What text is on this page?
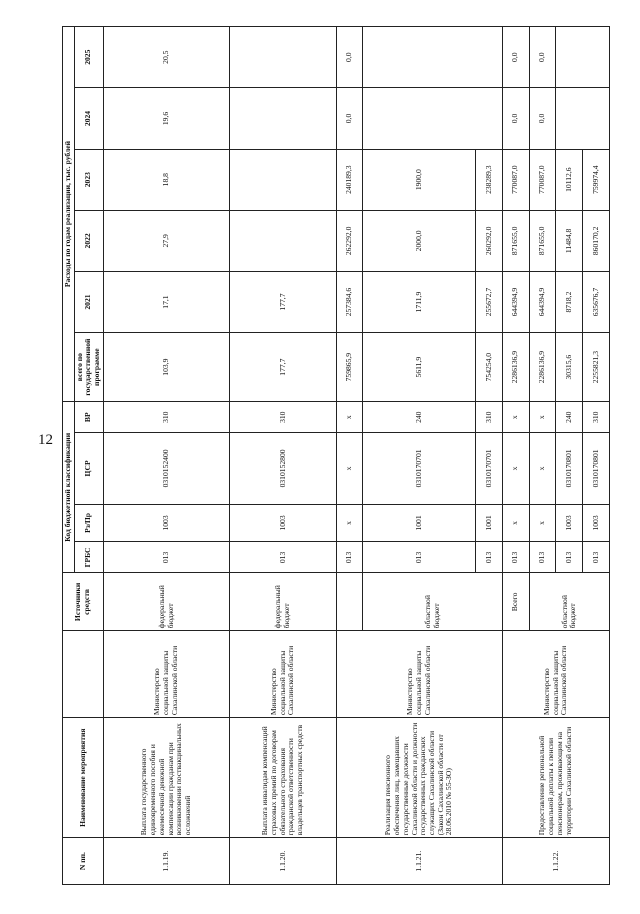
12
N пп.	Наименование мероприятия		Источники средств	Код бюджетной классификации				Расходы по годам реализации, тыс. рублей					
				ГРБС	Рз/Пр	ЦСР	ВР	всего по государственной программе	2021	2022	2023	2024	2025
1.1.19.	Выплата государственного единовременного пособия и ежемесячной денежной компенсации гражданам при возникновении поствакцинальных осложнений	Министерство социальной защиты Сахалинской области	федеральный бюджет	013	1003	0310152400	310	103,9	17,1	27,9	18,8	19,6	20,5
1.1.20.	Выплата инвалидам компенсаций страховых премий по договорам обязательного страхования гражданской ответственности владельцев транспортных средств	Министерство социальной защиты Сахалинской области	федеральный бюджет	013	1003	0310152800	310	177,7	177,7				
1.1.21.	Реализация пенсионного обеспечения лиц, замещавших государственные должности Сахалинской области и должности государственных гражданских служащих Сахалинской области (Закон Сахалинской области от 28.06.2010 № 55-ЗО)	Министерство социальной защиты Сахалинской области		013	х	х	х	759865,9	257384,6	262292,0	240189,3	0,0	0,0
			областной бюджет	013	1001	0310170701	240	5611,9	1711,9	2000,0	1900,0		
				013	1001	0310170701	310	754254,0	255672,7	260292,0	238289,3		
1.1.22.	Предоставление региональной социальной доплаты к пенсии пенсионерам, проживающим на территории Сахалинской области	Министерство социальной защиты Сахалинской области	Всего	013	х	х	х	2286136,9	644394,9	871655,0	770087,0	0,0	0,0
			областной бюджет	013	х	х	х	2286136,9	644394,9	871655,0	770087,0	0,0	0,0
				013	1003	0310170801	240	30315,6	8718,2	11484,8	10112,6		
				013	1003	0310170801	310	2255821,3	635676,7	860170,2	759974,4		
